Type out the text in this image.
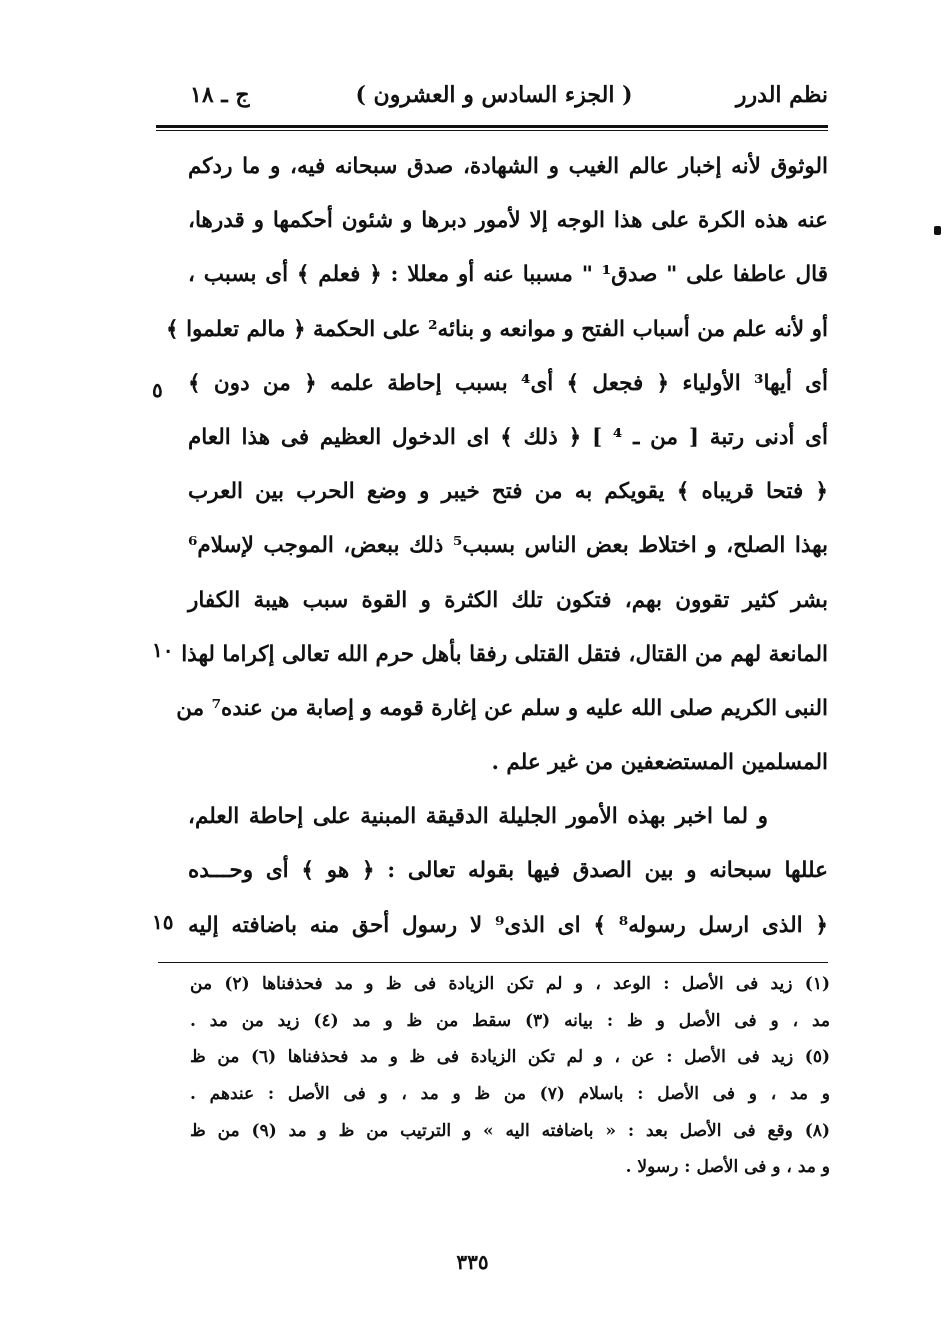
نظم الدرر
( الجزء السادس و العشرون )
ج ـ ١٨
الوثوق لأنه إخبار عالم الغيب و الشهادة، صدق سبحانه فيه، و ما ردكم
عنه هذه الكرة على هذا الوجه إلا لأمور دبرها و شئون أحكمها و قدرها،
قال عاطفا على " صدق¹ " مسببا عنه أو معللا : ﴿ فعلم ﴾ أى بسبب ،
أو لأنه علم من أسباب الفتح و موانعه و بنائه² على الحكمة ﴿ مالم تعلموا ﴾
أى أيها³ الأولياء ﴿ فجعل ﴾ أى⁴ بسبب إحاطة علمه ﴿ من دون ﴾
أى أدنى رتبة [ من ـ ⁴ ] ﴿ ذلك ﴾ اى الدخول العظيم فى هذا العام
﴿ فتحا قريباه ﴾ يقويكم به من فتح خيبر و وضع الحرب بين العرب
بهذا الصلح، و اختلاط بعض الناس بسبب⁵ ذلك ببعض، الموجب لإسلام⁶
بشر كثير تقوون بهم، فتكون تلك الكثرة و القوة سبب هيبة الكفار
المانعة لهم من القتال، فتقل القتلى رفقا بأهل حرم الله تعالى إكراما لهذا
النبى الكريم صلى الله عليه و سلم عن إغارة قومه و إصابة من عنده⁷ من
المسلمين المستضعفين من غير علم .
و لما اخبر بهذه الأمور الجليلة الدقيقة المبنية على إحاطة العلم،
عللها سبحانه و بين الصدق فيها بقوله تعالى : ﴿ هو ﴾ أى وحـــده
﴿ الذى ارسل رسوله⁸ ﴾ اى الذى⁹ لا رسول أحق منه باضافته إليه
٥
١٠
١٥
(١) زيد فى الأصل : الوعد ، و لم تكن الزيادة فى ظ و مد فحذفناها (٢) من
مد ، و فى الأصل و ظ : بيانه (٣) سقط من ظ و مد (٤) زيد من مد .
(٥) زيد فى الأصل : عن ، و لم تكن الزيادة فى ظ و مد فحذفناها (٦) من ظ
و مد ، و فى الأصل : باسلام (٧) من ظ و مد ، و فى الأصل : عندهم .
(٨) وقع فى الأصل بعد : « باضافته اليه » و الترتيب من ظ و مد (٩) من ظ
و مد ، و فى الأصل : رسولا .
٣٣٥
